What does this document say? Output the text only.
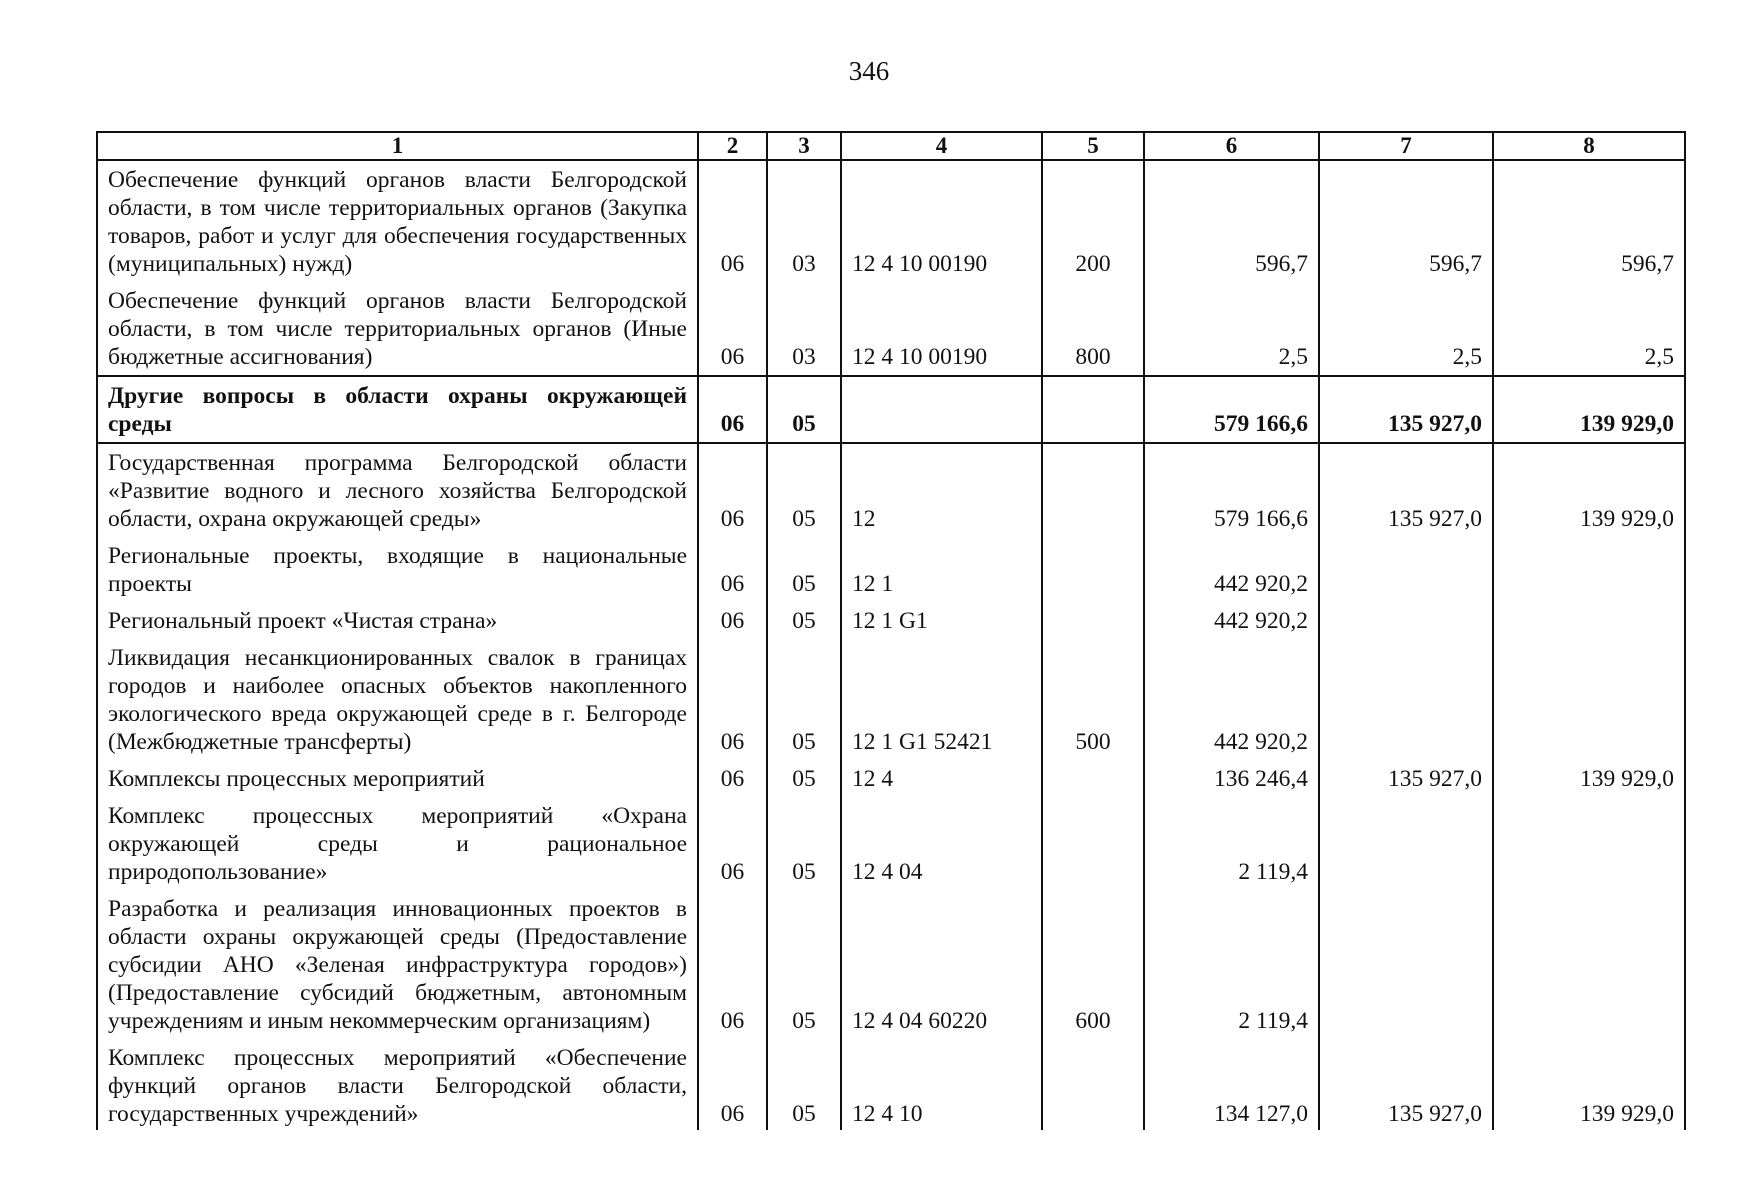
346
1	2	3	4	5	6	7	8
Обеспечение функций органов власти Белгородской области, в том числе территориальных органов (Закупка товаров, работ и услуг для обеспечения государственных (муниципальных) нужд)	06	03	12 4 10 00190	200	596,7	596,7	596,7
Обеспечение функций органов власти Белгородской области, в том числе территориальных органов (Иные бюджетные ассигнования)	06	03	12 4 10 00190	800	2,5	2,5	2,5
Другие вопросы в области охраны окружающей среды	06	05			579 166,6	135 927,0	139 929,0
Государственная программа Белгородской области «Развитие водного и лесного хозяйства Белгородской области, охрана окружающей среды»	06	05	12		579 166,6	135 927,0	139 929,0
Региональные проекты, входящие в национальные проекты	06	05	12 1		442 920,2		
Региональный проект «Чистая страна»	06	05	12 1 G1		442 920,2		
Ликвидация несанкционированных свалок в границах городов и наиболее опасных объектов накопленного экологического вреда окружающей среде в г. Белгороде (Межбюджетные трансферты)	06	05	12 1 G1 52421	500	442 920,2		
Комплексы процессных мероприятий	06	05	12 4		136 246,4	135 927,0	139 929,0
Комплекс процессных мероприятий «Охрана окружающей среды и рациональное природопользование»	06	05	12 4 04		2 119,4		
Разработка и реализация инновационных проектов в области охраны окружающей среды (Предоставление субсидии АНО «Зеленая инфраструктура городов») (Предоставление субсидий бюджетным, автономным учреждениям и иным некоммерческим организациям)	06	05	12 4 04 60220	600	2 119,4		
Комплекс процессных мероприятий «Обеспечение функций органов власти Белгородской области, государственных учреждений»	06	05	12 4 10		134 127,0	135 927,0	139 929,0
